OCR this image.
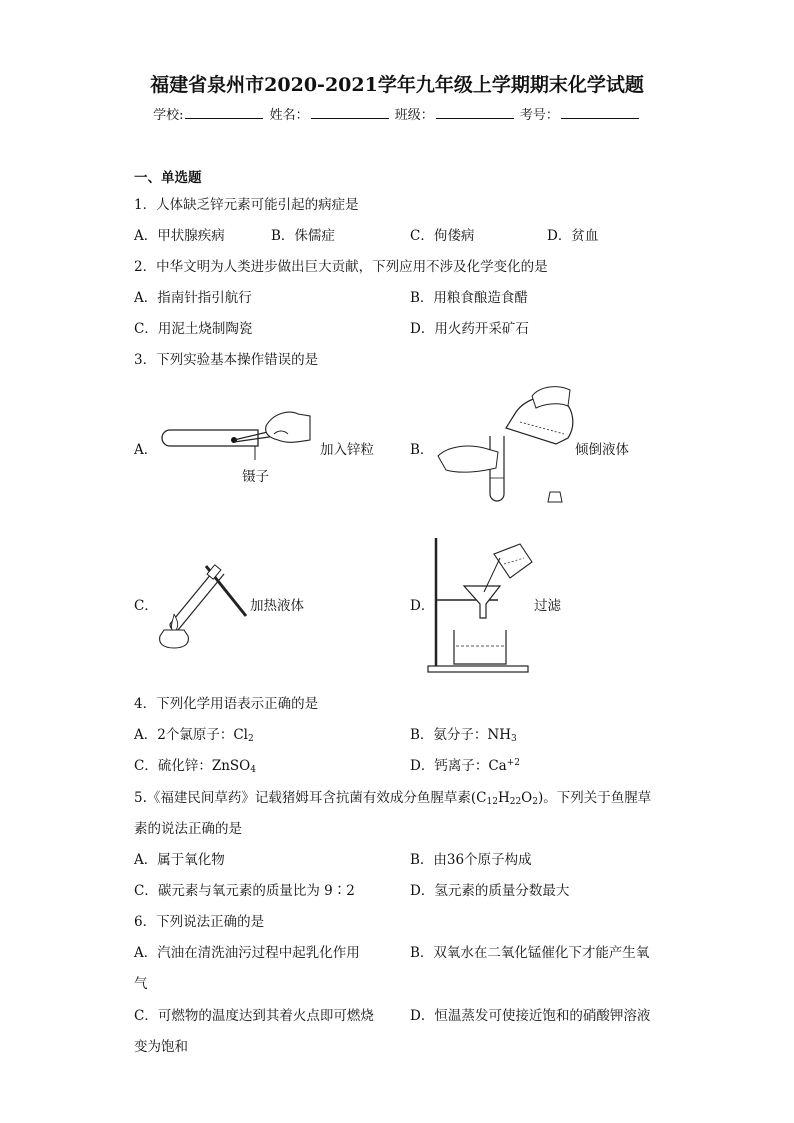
福建省泉州市2020-2021学年九年级上学期期末化学试题
学校:	姓名：	班级：	考号：
一、单选题
1．人体缺乏锌元素可能引起的病症是
A．甲状腺疾病	B．侏儒症	C．佝偻病	D．贫血
2．中华文明为人类进步做出巨大贡献，下列应用不涉及化学变化的是
A．指南针指引航行	B．用粮食酿造食醋
C．用泥土烧制陶瓷	D．用火药开采矿石
3．下列实验基本操作错误的是
A．	加入锌粒
镊子
B．	倾倒液体
C．	加热液体	D．	过滤
4．下列化学用语表示正确的是
A．2个氯原子：$Cl_2$	B．氨分子：$NH_3$
C．硫化锌：ZnSO$_4$	D．钙离子：$Ca^{+2}$
5.《福建民间草药》记载猪姆耳含抗菌有效成分鱼腥草素$(C_{12}H_{22}O_2)$。下列关于鱼腥草
素的说法正确的是
A．属于氧化物	B．由36个原子构成
C．碳元素与氧元素的质量比为 9∶2	D．氢元素的质量分数最大
6．下列说法正确的是
A．汽油在清洗油污过程中起乳化作用	B．双氧水在二氧化锰催化下才能产生氧
气
C．可燃物的温度达到其着火点即可燃烧	D．恒温蒸发可使接近饱和的硝酸钾溶液
变为饱和
